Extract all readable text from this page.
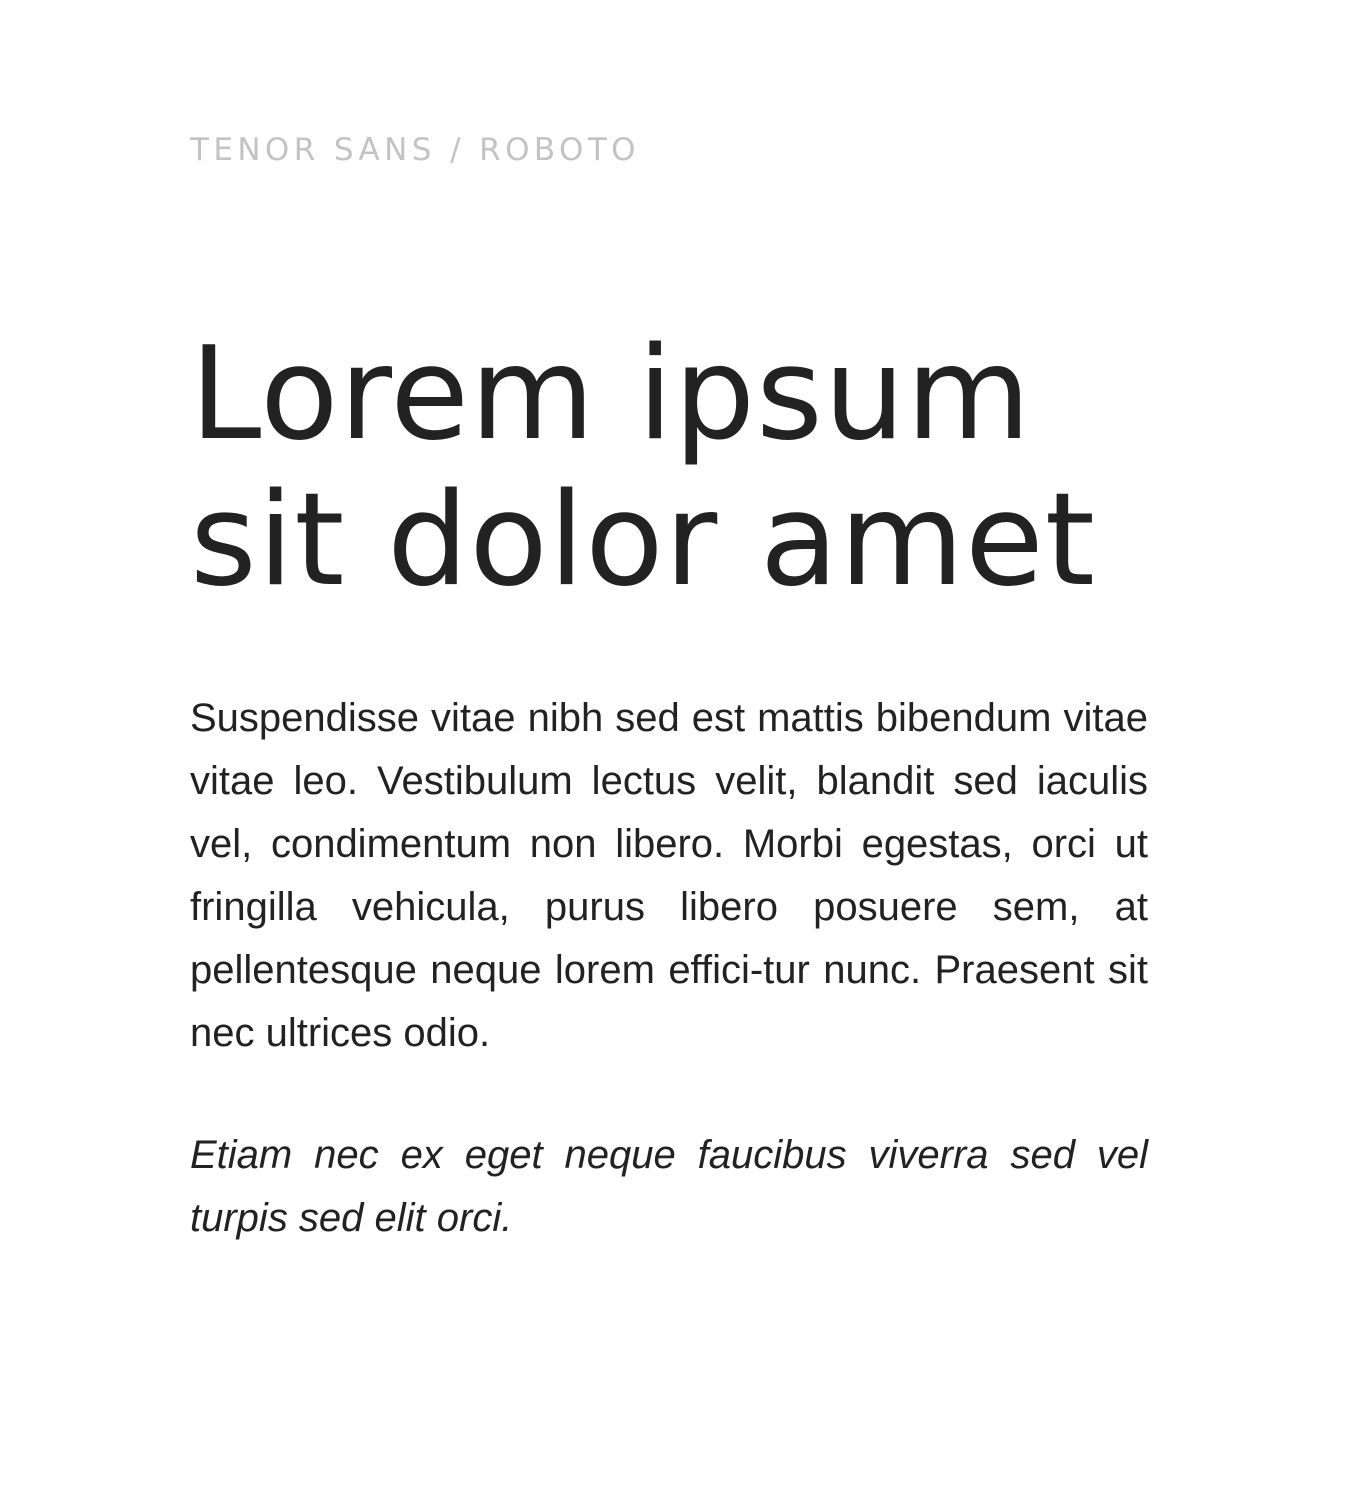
TENOR SANS / ROBOTO

Lorem ipsum
sit dolor amet

Suspendisse vitae nibh sed est mattis bibendum vitae vitae leo. Vestibulum lectus velit, blandit sed iaculis vel, condimentum non libero. Morbi egestas, orci ut fringilla vehicula, purus libero posuere sem, at pellentesque neque lorem effici-tur nunc. Praesent sit nec ultrices odio.

Etiam nec ex eget neque faucibus viverra sed vel turpis sed elit orci.
